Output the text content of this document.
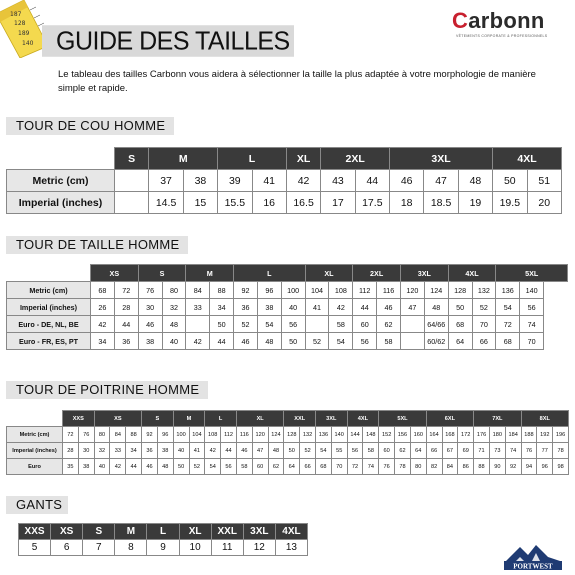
187
128
189
140 GUIDE DES TAILLES
Carbonn
VÊTEMENTS CORPORATE & PROFESSIONNELS
Le tableau des tailles Carbonn vous aidera à sélectionner la taille la plus adaptée à votre morphologie de manière simple et rapide.
TOUR DE COU HOMME
	S	M		L		XL	2XL		3XL			4XL	
Metric (cm)		37	38	39	41	42	43	44	46	47	48	50	51
Imperial (inches)		14.5	15	15.5	16	16.5	17	17.5	18	18.5	19	19.5	20
TOUR DE TAILLE HOMME
	XS		S		M		L			XL		2XL		3XL		4XL		5XL	
Metric (cm)	68	72	76	80	84	88	92	96	100	104	108	112	116	120	124	128	132	136	140
Imperial (inches)	26	28	30	32	33	34	36	38	40	41	42	44	46	47	48	50	52	54	56
Euro - DE, NL, BE	42	44	46	48		50	52	54	56		58	60	62		64/66	68	70	72	74
Euro - FR, ES, PT	34	36	38	40	42	44	46	48	50	52	54	56	58		60/62	64	66	68	70
TOUR DE POITRINE HOMME
	XXS		XS			S		M		L		XL			XXL		3XL		4XL		5XL			6XL			7XL			8XL		
Metric (cm)	72	76	80	84	88	92	96	100	104	108	112	116	120	124	128	132	136	140	144	148	152	156	160	164	168	172	176	180	184	188	192	196
Imperial (inches)	28	30	32	33	34	36	38	40	41	42	44	46	47	48	50	52	54	55	56	58	60	62	64	66	67	69	71	73	74	76	77	78
Euro	35	38	40	42	44	46	48	50	52	54	56	58	60	62	64	66	68	70	72	74	76	78	80	82	84	86	88	90	92	94	96	98
GANTS
XXS	XS	S	M	L	XL	XXL	3XL	4XL
5	6	7	8	9	10	11	12	13
PORTWEST
